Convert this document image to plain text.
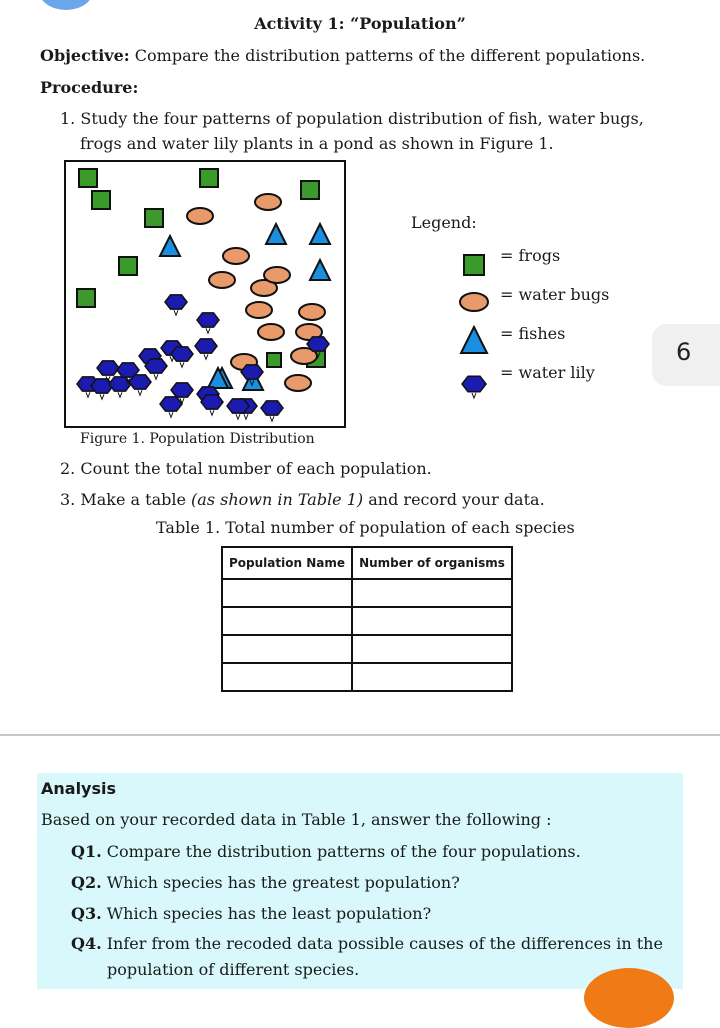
Activity 1: “Population”
Objective: Compare the distribution patterns of the different populations.
Procedure:
1. Study the four patterns of population distribution of fish, water bugs,
frogs and water lily plants in a pond as shown in Figure 1.
Figure 1. Population Distribution
Legend:
= frogs
= water bugs
= fishes
= water lily
6
2. Count the total number of each population.
3. Make a table (as shown in Table 1) and record your data.
Table 1. Total number of population of each species
Population Name	Number of organisms

Analysis
Based on your recorded data in Table 1, answer the following :
Q1. Compare the distribution patterns of the four populations.
Q2. Which species has the greatest population?
Q3. Which species has the least population?
Q4. Infer from the recoded data possible causes of the differences in the
population of different species.
